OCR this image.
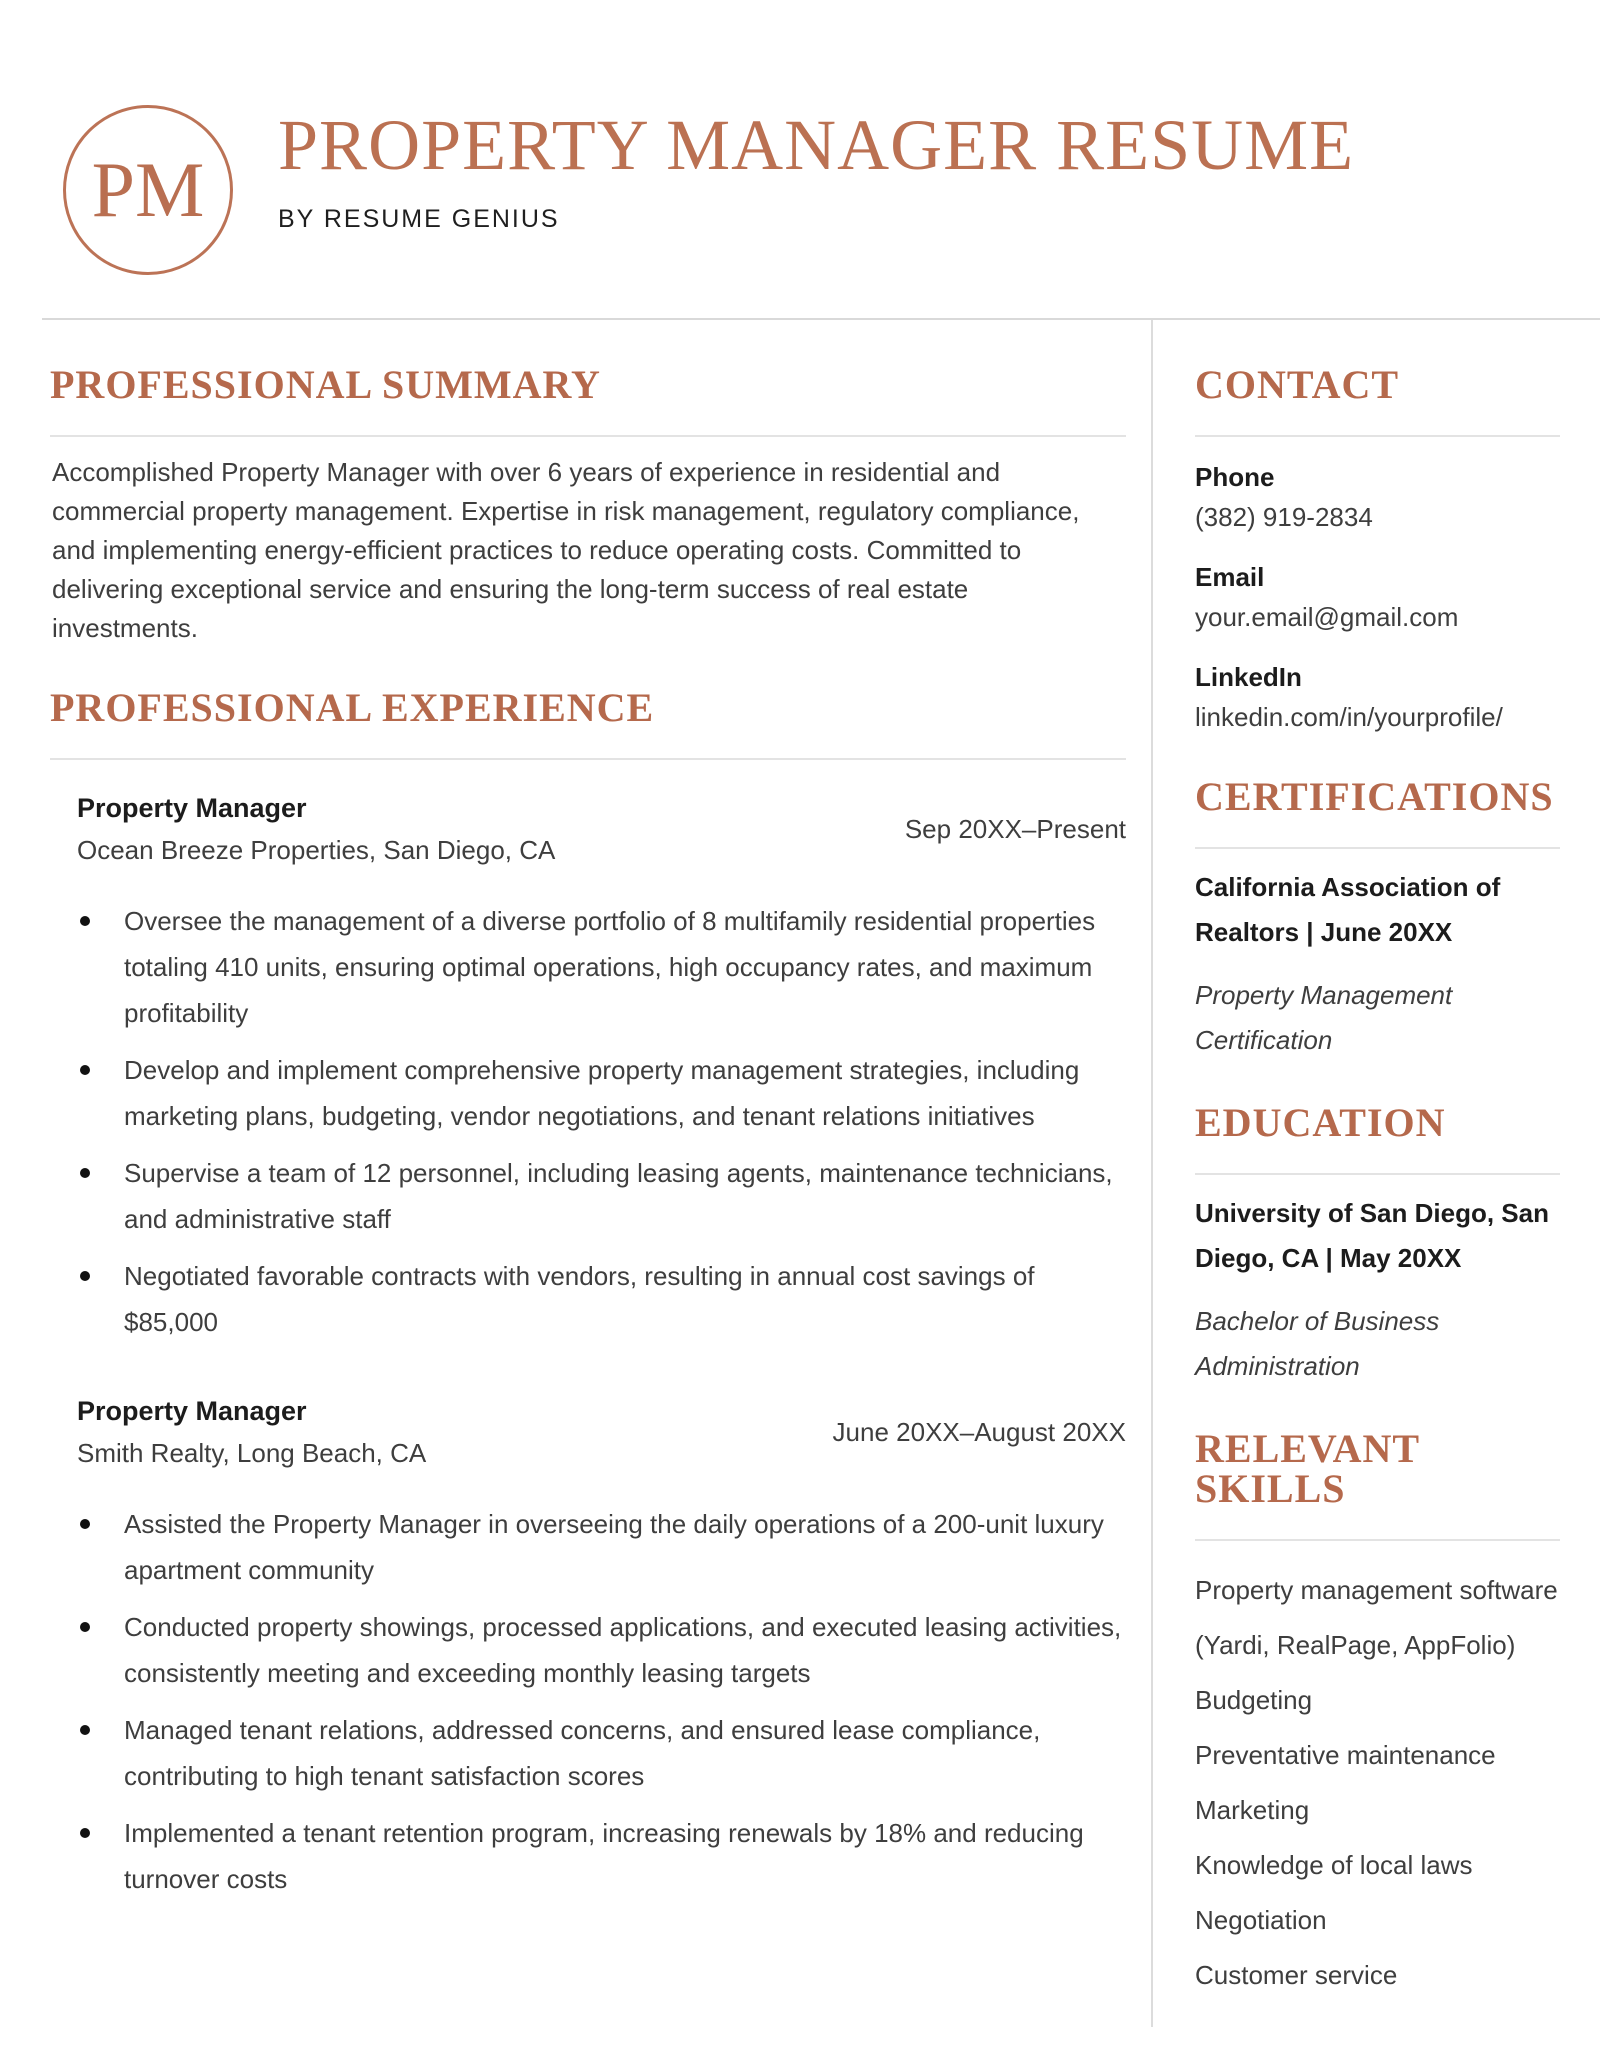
PM
PROPERTY MANAGER RESUME
BY RESUME GENIUS
PROFESSIONAL SUMMARY

Accomplished Property Manager with over 6 years of experience in residential and commercial property management. Expertise in risk management, regulatory compliance, and implementing energy-efficient practices to reduce operating costs. Committed to delivering exceptional service and ensuring the long-term success of real estate investments.

PROFESSIONAL EXPERIENCE
Property Manager
Ocean Breeze Properties, San Diego, CA
Sep 20XX–Present
Oversee the management of a diverse portfolio of 8 multifamily residential properties totaling 410 units, ensuring optimal operations, high occupancy rates, and maximum profitability
Develop and implement comprehensive property management strategies, including marketing plans, budgeting, vendor negotiations, and tenant relations initiatives
Supervise a team of 12 personnel, including leasing agents, maintenance technicians, and administrative staff
Negotiated favorable contracts with vendors, resulting in annual cost savings of $85,000
Property Manager
Smith Realty, Long Beach, CA
June 20XX–August 20XX
Assisted the Property Manager in overseeing the daily operations of a 200-unit luxury apartment community
Conducted property showings, processed applications, and executed leasing activities, consistently meeting and exceeding monthly leasing targets
Managed tenant relations, addressed concerns, and ensured lease compliance, contributing to high tenant satisfaction scores
Implemented a tenant retention program, increasing renewals by 18% and reducing turnover costs
CONTACT
Phone
(382) 919-2834
Email
your.email@gmail.com
LinkedIn
linkedin.com/in/yourprofile/
CERTIFICATIONS
California Association of Realtors | June 20XX
Property Management Certification
EDUCATION
University of San Diego, San Diego, CA | May 20XX
Bachelor of Business Administration
RELEVANT SKILLS
Property management software (Yardi, RealPage, AppFolio)
Budgeting
Preventative maintenance
Marketing
Knowledge of local laws
Negotiation
Customer service
